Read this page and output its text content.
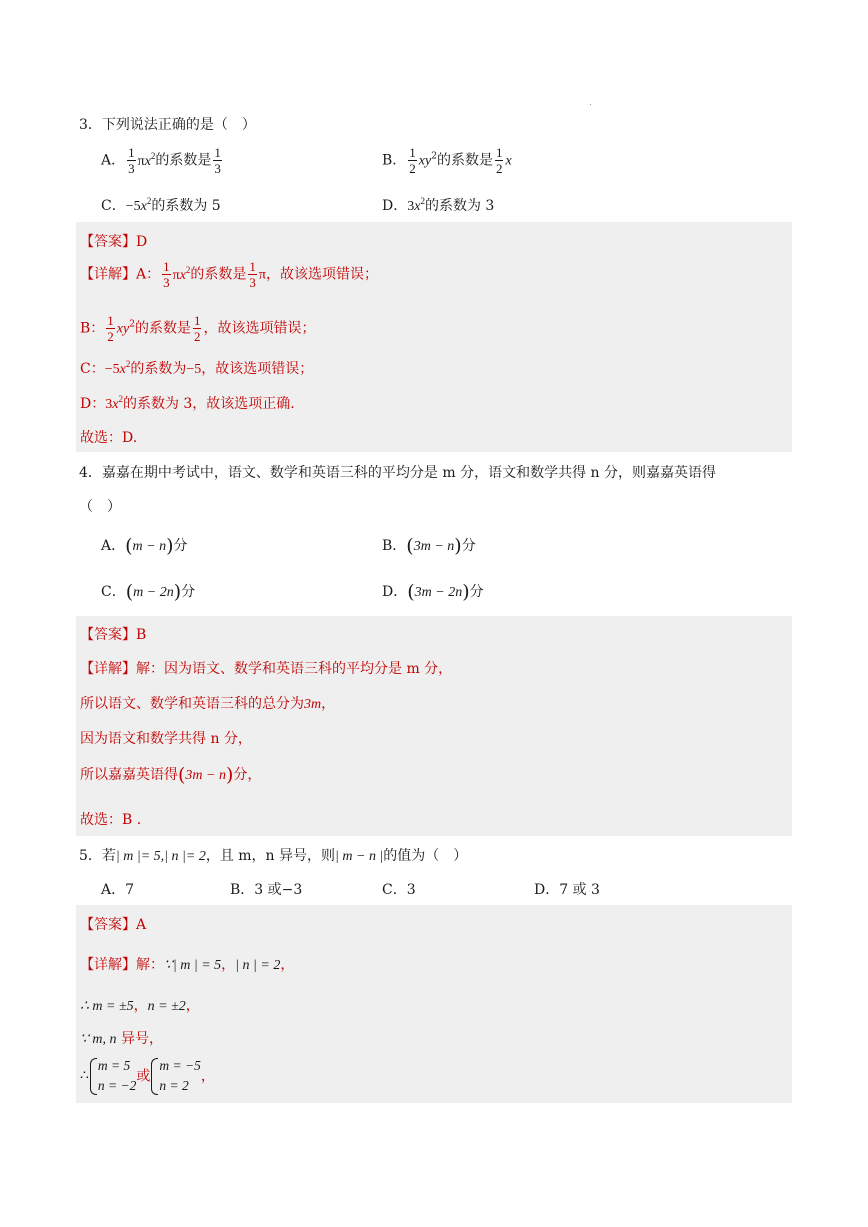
3．下列说法正确的是（　）
A． $\frac{1}{3} \pi x^2$的系数是 $\frac{1}{3}$	B． $\frac{1}{2} xy^2$的系数是 $\frac{1}{2}$ x
C．$-5x^2$的系数为 5	D．$3x^2$的系数为 3
【答案】D
【详解】A： $\frac{1}{3} \pi x^2$的系数是 $\frac{1}{3}$ π，故该选项错误；
B： $\frac{1}{2} xy^2$的系数是 $\frac{1}{2}$ ，故该选项错误；
C：$-5x^2$的系数为−5，故该选项错误；
D：$3x^2$的系数为 3，故该选项正确.
故选：D.
4．嘉嘉在期中考试中，语文、数学和英语三科的平均分是 m 分，语文和数学共得 n 分，则嘉嘉英语得
（　）
A．(m − n)分	B．(3m − n)分
C．(m − 2n)分	D．(3m − 2n)分
【答案】B
【详解】解：因为语文、数学和英语三科的平均分是 m 分，
所以语文、数学和英语三科的总分为3m，
因为语文和数学共得 n 分，
所以嘉嘉英语得(3m − n)分，
故选：B .
5．若| m |= 5,| n |= 2，且 m，n 异号，则| m − n |的值为（　）
A．7	B．3 或−3	C．3	D．7 或 3
【答案】A
【详解】解：∵| m | = 5，| n | = 2，
∴ m = ±5，n = ±2，
∵ m, n 异号，
∴
m = 5
n = −2
或
m = −5
n = 2
，
